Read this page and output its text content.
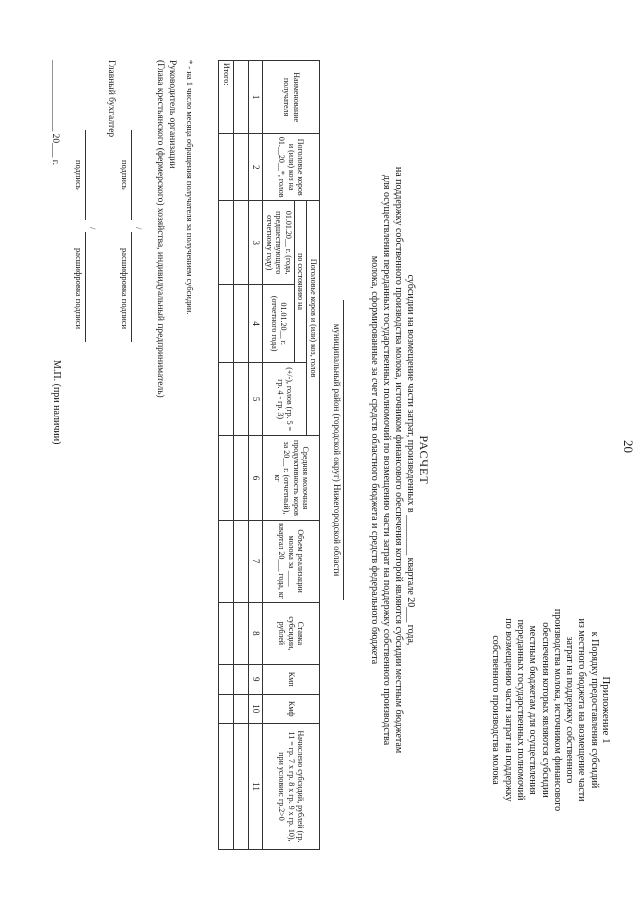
20
Приложение 1
к Порядку предоставления субсидий
из местного бюджета на возмещение части
затрат на поддержку собственного
производства молока, источником финансового
обеспечения которых являются субсидии
местным бюджетам для осуществления
переданных государственных полномочий
по возмещению части затрат на поддержку
собственного производства молока
РАСЧЕТ
субсидии на возмещение части затрат, произведенных в ________ квартале 20___ года,
на поддержку собственного производства молока, источником финансового обеспечения которой являются субсидии местным бюджетам
для осуществления переданных государственных полномочий по возмещению части затрат на поддержку собственного производства
молока, сформированные за счет средств областного бюджета и средств федерального бюджета
муниципальный район (городской округ) Нижегородской области
Наименование получателя	Поголовье коров и (или) коз на 01.__20__*, голов	Поголовье коров и (или) коз, голов			Средняя молочная продуктивность коров за 20__ г. (отчетный), кг	Объем реализации молока за ____ квартал 20___ года, кг	Ставка субсидии, рублей	Кмп	Кмф	Начислено субсидий, рублей (гр. 11 = гр. 7 х гр. 8 х гр. 9 х гр. 10), при условии: гр.2>0
		по состоянию на		(+/-), голов (гр. 5 = гр. 4 - гр. 3)						
		01.01.20__ г. (года, предшествующего отчетному году)	01.01.20__ г. (отчетного года)							
1	2	3	4	5	6	7	8	9	10	11

Итого:										
* - на 1 число месяца обращения получателя за получением субсидии.
Руководитель организации
(Глава крестьянского (фермерского) хозяйства, индивидуальный предприниматель)
подпись
/
расшифровка подписи
Главный бухгалтер
подпись
/
расшифровка подписи
_______________ 20___ г.
М.П. (при наличии)
